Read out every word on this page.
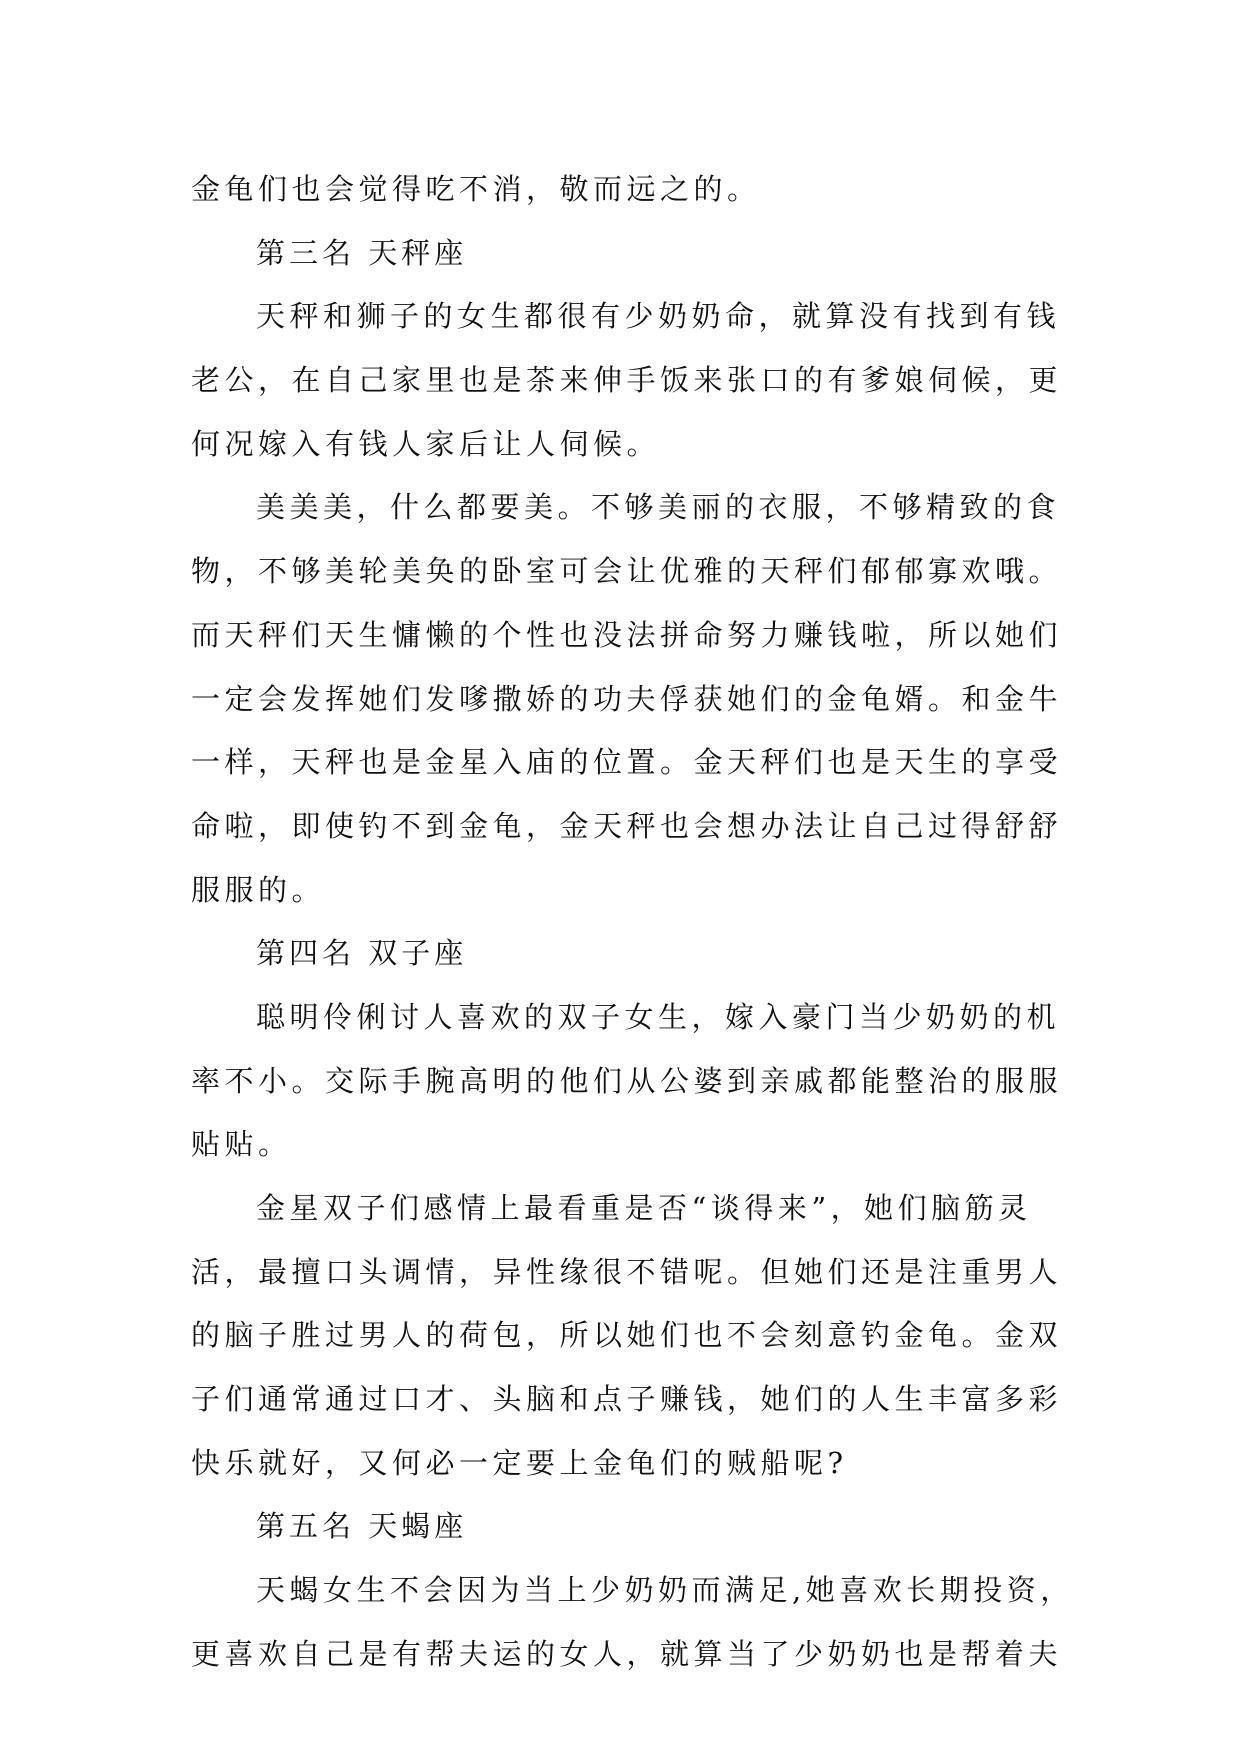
金龟们也会觉得吃不消，敬而远之的。
第三名 天秤座
天秤和狮子的女生都很有少奶奶命，就算没有找到有钱
老公，在自己家里也是茶来伸手饭来张口的有爹娘伺候，更
何况嫁入有钱人家后让人伺候。
美美美，什么都要美。不够美丽的衣服，不够精致的食
物，不够美轮美奂的卧室可会让优雅的天秤们郁郁寡欢哦。
而天秤们天生慵懒的个性也没法拼命努力赚钱啦，所以她们
一定会发挥她们发嗲撒娇的功夫俘获她们的金龟婿。和金牛
一样，天秤也是金星入庙的位置。金天秤们也是天生的享受
命啦，即使钓不到金龟，金天秤也会想办法让自己过得舒舒
服服的。
第四名 双子座
聪明伶俐讨人喜欢的双子女生，嫁入豪门当少奶奶的机
率不小。交际手腕高明的他们从公婆到亲戚都能整治的服服
贴贴。
金星双子们感情上最看重是否“谈得来”，她们脑筋灵
活，最擅口头调情，异性缘很不错呢。但她们还是注重男人
的脑子胜过男人的荷包，所以她们也不会刻意钓金龟。金双
子们通常通过口才、头脑和点子赚钱，她们的人生丰富多彩
快乐就好，又何必一定要上金龟们的贼船呢?
第五名 天蝎座
天蝎女生不会因为当上少奶奶而满足,她喜欢长期投资，
更喜欢自己是有帮夫运的女人，就算当了少奶奶也是帮着夫
